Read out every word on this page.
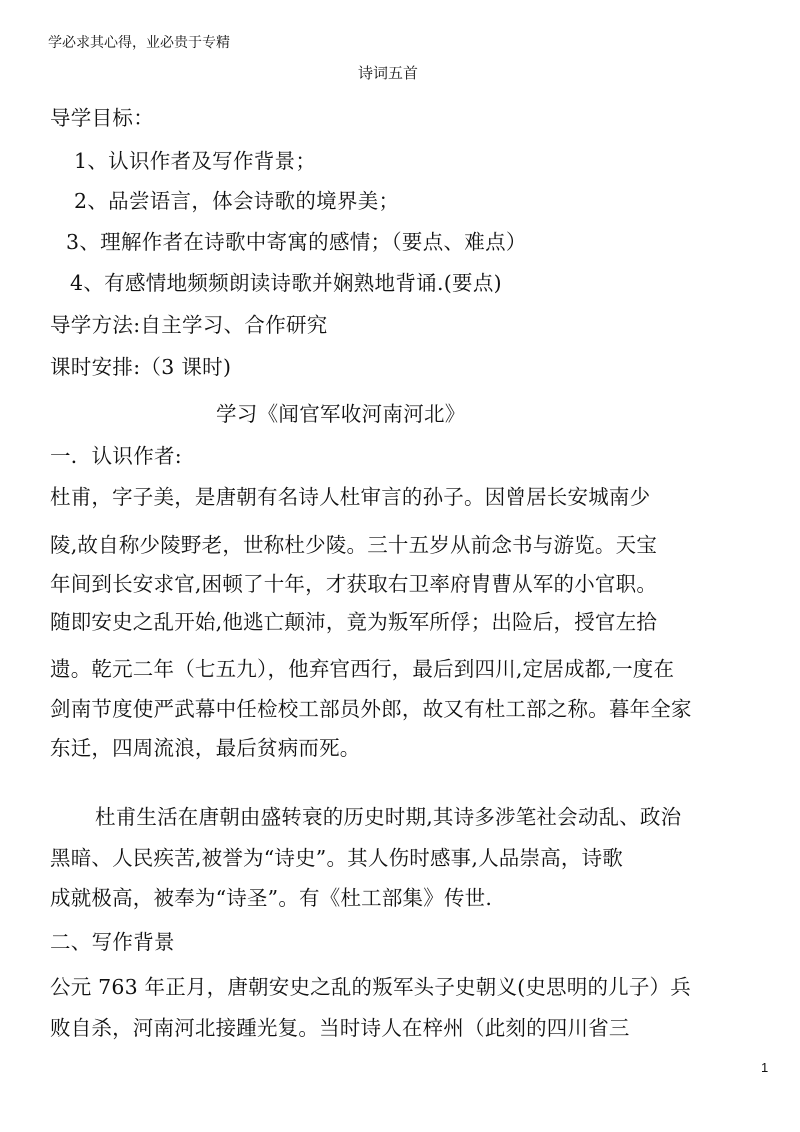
学必求其心得，业必贵于专精
诗词五首
导学目标：
1、认识作者及写作背景；
2、品尝语言，体会诗歌的境界美；
3、理解作者在诗歌中寄寓的感情；（要点、难点）
4、有感情地频频朗读诗歌并娴熟地背诵.(要点)
导学方法:自主学习、合作研究
课时安排:（3 课时)
学习《闻官军收河南河北》
一．认识作者:
杜甫，字子美，是唐朝有名诗人杜审言的孙子。因曾居长安城南少
陵,故自称少陵野老，世称杜少陵。三十五岁从前念书与游览。天宝
年间到长安求官,困顿了十年，才获取右卫率府胄曹从军的小官职。
随即安史之乱开始,他逃亡颠沛，竟为叛军所俘；出险后，授官左拾
遗。乾元二年（七五九），他弃官西行，最后到四川,定居成都,一度在
剑南节度使严武幕中任检校工部员外郎，故又有杜工部之称。暮年全家
东迁，四周流浪，最后贫病而死。
杜甫生活在唐朝由盛转衰的历史时期,其诗多涉笔社会动乱、政治
黑暗、人民疾苦,被誉为“诗史”。其人伤时感事,人品崇高，诗歌
成就极高，被奉为“诗圣”。有《杜工部集》传世.
二、写作背景
公元 763 年正月，唐朝安史之乱的叛军头子史朝义(史思明的儿子）兵
败自杀，河南河北接踵光复。当时诗人在梓州（此刻的四川省三
1
